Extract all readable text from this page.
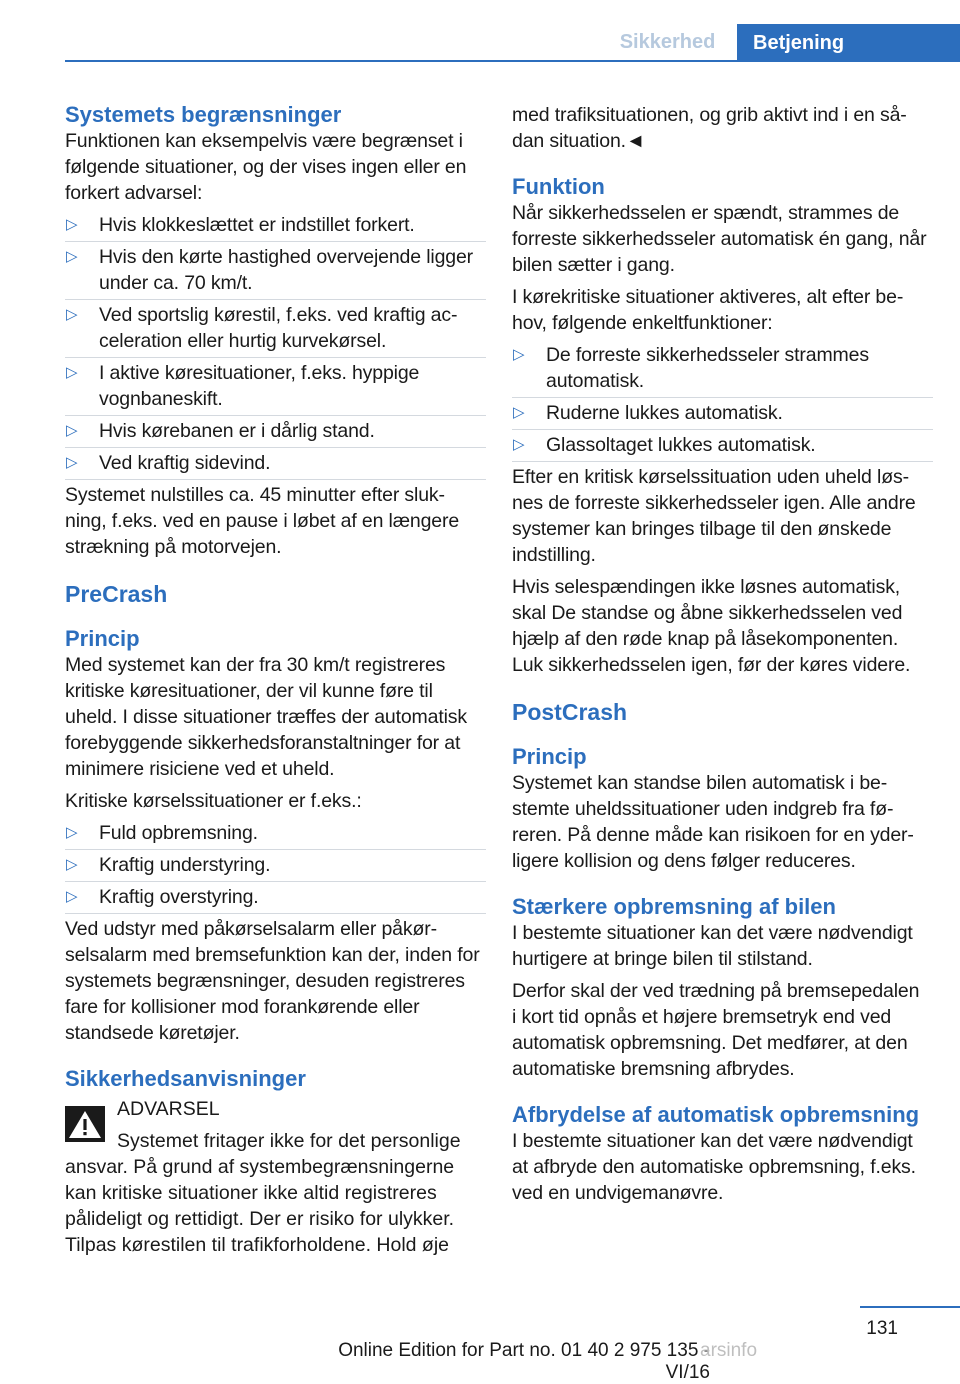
Sikkerhed	Betjening
Systemets begrænsninger

Funktionen kan eksempelvis være begrænset i følgende situationer, og der vises ingen eller en forkert advarsel:

▷ Hvis klokkeslættet er indstillet forkert.
▷ Hvis den kørte hastighed overvejende ligger under ca. 70 km/t.
▷ Ved sportslig kørestil, f.eks. ved kraftig acceleration eller hurtig kurvekørsel.
▷ I aktive køresituationer, f.eks. hyppige vognbaneskift.
▷ Hvis kørebanen er i dårlig stand.
▷ Ved kraftig sidevind.

Systemet nulstilles ca. 45 minutter efter slukning, f.eks. ved en pause i løbet af en længere strækning på motorvejen.

PreCrash
Princip

Med systemet kan der fra 30 km/t registreres kritiske køresituationer, der vil kunne føre til uheld. I disse situationer træffes der automatisk forebyggende sikkerhedsforanstaltninger for at minimere risiciene ved et uheld.

Kritiske kørselssituationer er f.eks.:

▷ Fuld opbremsning.
▷ Kraftig understyring.
▷ Kraftig overstyring.

Ved udstyr med påkørselsalarm eller påkørselsalarm med bremsefunktion kan der, inden for systemets begrænsninger, desuden registreres fare for kollisioner mod forankørende eller standsede køretøjer.

Sikkerhedsanvisninger
ADVARSEL
Systemet fritager ikke for det personlige
ansvar. På grund af systembegrænsningerne kan kritiske situationer ikke altid registreres pålideligt og rettidigt. Der er risiko for ulykker. Tilpas kørestilen til trafikforholdene. Hold øje

med trafiksituationen, og grib aktivt ind i en sådan situation.◄

Funktion

Når sikkerhedsselen er spændt, strammes de forreste sikkerhedsseler automatisk én gang, når bilen sætter i gang.

I kørekritiske situationer aktiveres, alt efter behov, følgende enkeltfunktioner:

▷ De forreste sikkerhedsseler strammes automatisk.
▷ Ruderne lukkes automatisk.
▷ Glassoltaget lukkes automatisk.

Efter en kritisk kørselssituation uden uheld løsnes de forreste sikkerhedsseler igen. Alle andre systemer kan bringes tilbage til den ønskede indstilling.

Hvis selespændingen ikke løsnes automatisk, skal De standse og åbne sikkerhedsselen ved hjælp af den røde knap på låsekomponenten. Luk sikkerhedsselen igen, før der køres videre.

PostCrash
Princip

Systemet kan standse bilen automatisk i bestemte uheldssituationer uden indgreb fra føreren. På denne måde kan risikoen for en yderligere kollision og dens følger reduceres.

Stærkere opbremsning af bilen

I bestemte situationer kan det være nødvendigt hurtigere at bringe bilen til stilstand.

Derfor skal der ved trædning på bremsepedalen i kort tid opnås et højere bremsetryk end ved automatisk opbremsning. Det medfører, at den automatiske bremsning afbrydes.

Afbrydelse af automatisk opbremsning

I bestemte situationer kan det være nødvendigt at afbryde den automatiske opbremsning, f.eks. ved en undvigemanøvre.

131
Online Edition for Part no. 01 40 2 975 135 - VI/16
arsinfo
